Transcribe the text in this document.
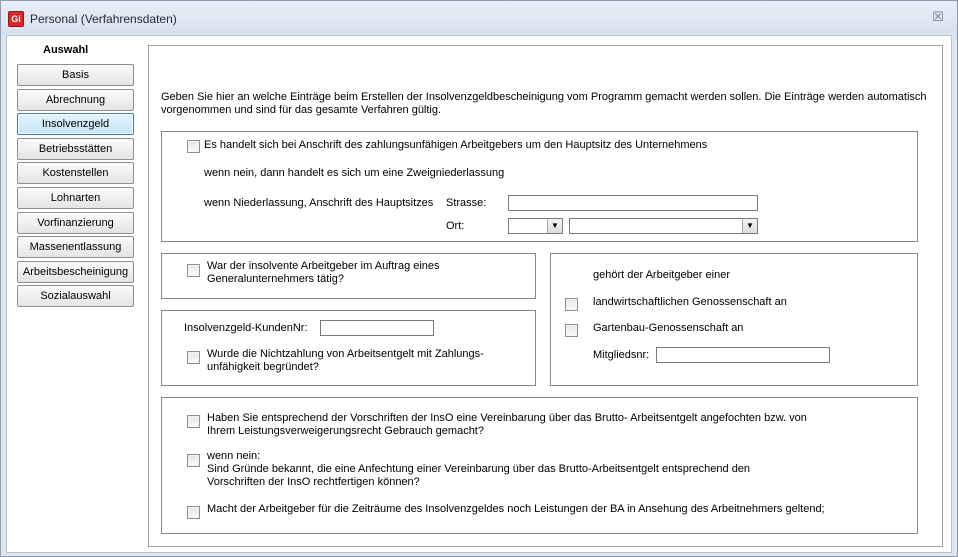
Gi Personal (Verfahrensdaten)	☒
Auswahl
Basis
Abrechnung
Insolvenzgeld
Betriebsstätten
Kostenstellen
Lohnarten
Vorfinanzierung
Massenentlassung
Arbeitsbescheinigung
Sozialauswahl
Geben Sie hier an welche Einträge beim Erstellen der Insolvenzgeldbescheinigung vom Programm gemacht werden sollen. Die Einträge werden automatisch vorgenommen und sind für das gesamte Verfahren gültig.
Es handelt sich bei Anschrift des zahlungsunfähigen Arbeitgebers um den Hauptsitz des Unternehmens
wenn nein, dann handelt es sich um eine Zweigniederlassung
wenn Niederlassung, Anschrift des Hauptsitzes Strasse:
Ort:	▼	▼
War der insolvente Arbeitgeber im Auftrag eines Generalunternehmers tätig?
Insolvenzgeld-KundenNr:
Wurde die Nichtzahlung von Arbeitsentgelt mit Zahlungs-unfähigkeit begründet?
gehört der Arbeitgeber einer
landwirtschaftlichen Genossenschaft an
Gartenbau-Genossenschaft an
Mitgliedsnr:
Haben Sie entsprechend der Vorschriften der InsO eine Vereinbarung über das Brutto- Arbeitsentgelt angefochten bzw. von Ihrem Leistungsverweigerungsrecht Gebrauch gemacht?
wenn nein:
Sind Gründe bekannt, die eine Anfechtung einer Vereinbarung über das Brutto-Arbeitsentgelt entsprechend den Vorschriften der InsO rechtfertigen können?
Macht der Arbeitgeber für die Zeiträume des Insolvenzgeldes noch Leistungen der BA in Ansehung des Arbeitnehmers geltend;
